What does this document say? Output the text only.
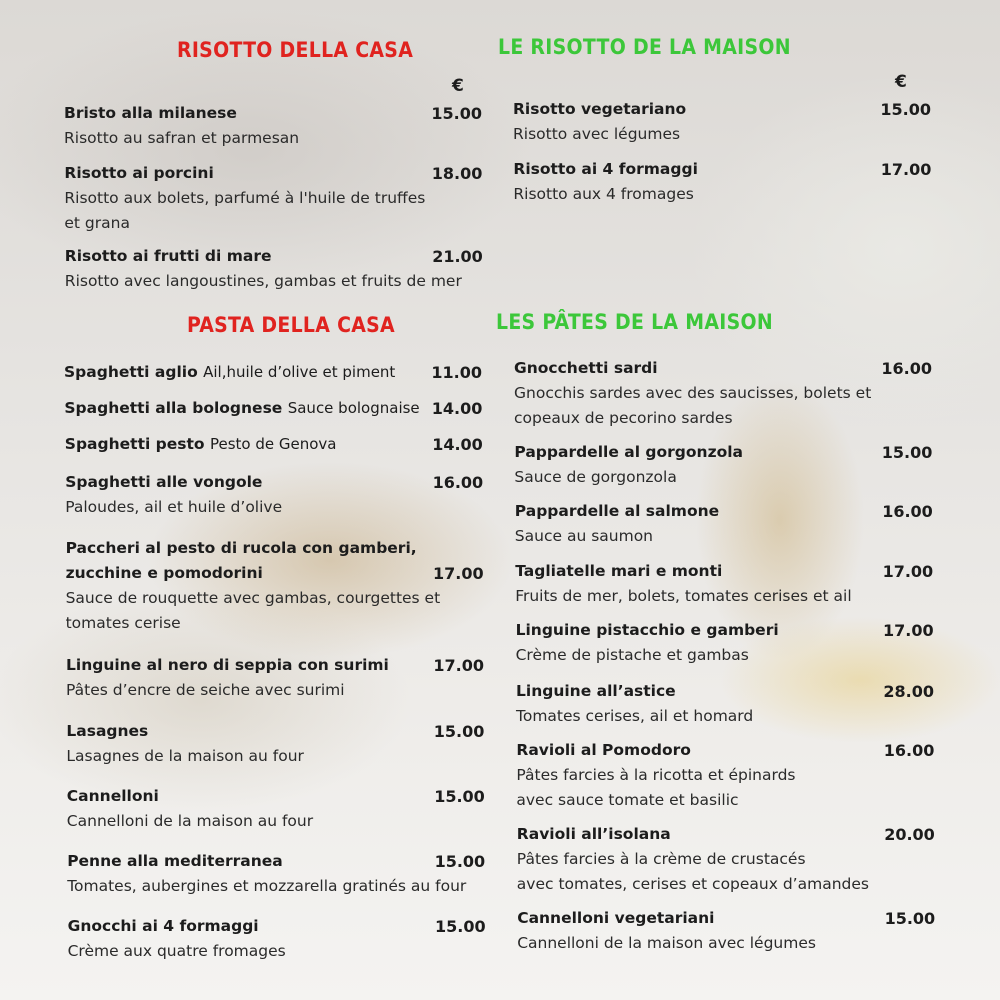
RISOTTO DELLA CASA	LE RISOTTO DE LA MAISON
€	€
PASTA DELLA CASA	LES PÂTES DE LA MAISON
Bristo alla milanese	15.00
Risotto au safran et parmesan
Risotto ai porcini	18.00
Risotto aux bolets, parfumé à l'huile de truffes
et grana
Risotto ai frutti di mare	21.00
Risotto avec langoustines, gambas et fruits de mer
Risotto vegetariano	15.00
Risotto avec légumes
Risotto ai 4 formaggi	17.00
Risotto aux 4 fromages
Spaghetti aglio Ail,huile d’olive et piment	11.00
Spaghetti alla bolognese Sauce bolognaise 14.00
Spaghetti pesto Pesto de Genova	14.00
Spaghetti alle vongole	16.00
Paloudes, ail et huile d’olive
Paccheri al pesto di rucola con gamberi,
zucchine e pomodorini	17.00
Sauce de rouquette avec gambas, courgettes et
tomates cerise
Linguine al nero di seppia con surimi	17.00
Pâtes d’encre de seiche avec surimi
Lasagnes	15.00
Lasagnes de la maison au four
Cannelloni	15.00
Cannelloni de la maison au four
Penne alla mediterranea	15.00
Tomates, aubergines et mozzarella gratinés au four
Gnocchi ai 4 formaggi	15.00
Crème aux quatre fromages
Gnocchetti sardi	16.00
Gnocchis sardes avec des saucisses, bolets et
copeaux de pecorino sardes
Pappardelle al gorgonzola	15.00
Sauce de gorgonzola
Pappardelle al salmone	16.00
Sauce au saumon
Tagliatelle mari e monti	17.00
Fruits de mer, bolets, tomates cerises et ail
Linguine pistacchio e gamberi	17.00
Crème de pistache et gambas
Linguine all’astice	28.00
Tomates cerises, ail et homard
Ravioli al Pomodoro	16.00
Pâtes farcies à la ricotta et épinards
avec sauce tomate et basilic
Ravioli all’isolana	20.00
Pâtes farcies à la crème de crustacés
avec tomates, cerises et copeaux d’amandes
Cannelloni vegetariani	15.00
Cannelloni de la maison avec légumes
